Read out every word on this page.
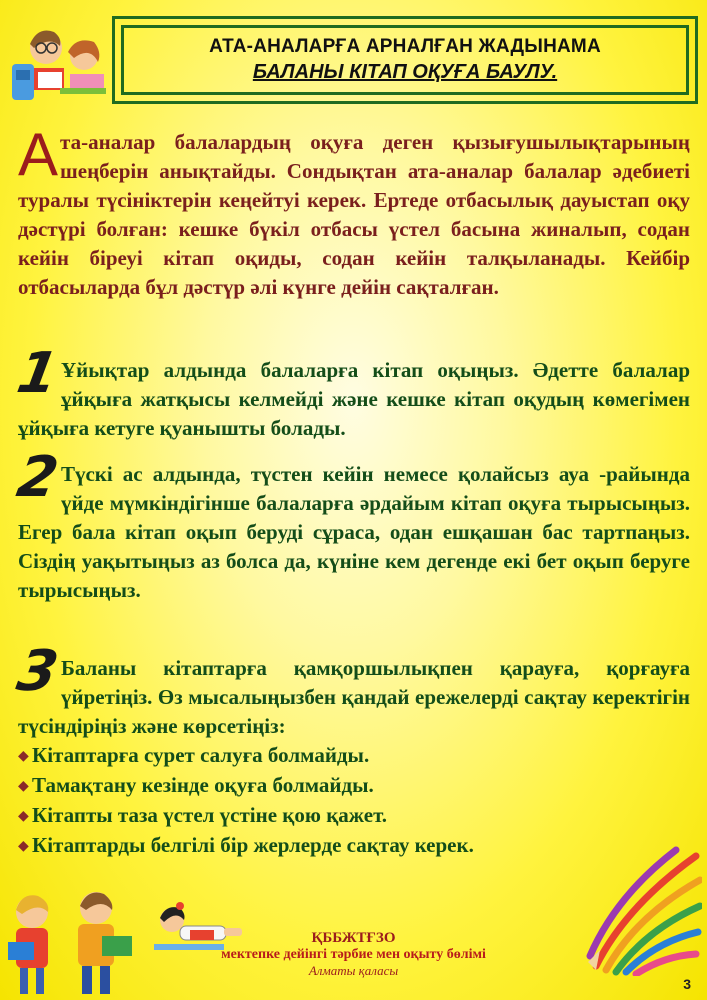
АТА-АНАЛАРҒА АРНАЛҒАН ЖАДЫНАМА
БАЛАНЫ КІТАП ОҚУҒА БАУЛУ.
Ата-аналар балалардың оқуға деген қызығушылықтарының шеңберін анықтайды. Сондықтан ата-аналар балалар әдебиеті туралы түсініктерін кеңейтуі керек. Ертеде отбасылық дауыстап оқу дәстүрі болған: кешке бүкіл отбасы үстел басына жиналып, содан кейін біреуі кітап оқиды, содан кейін талқыланады. Кейбір отбасыларда бұл дәстүр әлі күнге дейін сақталған.
1
Ұйықтар алдында балаларға кітап оқыңыз. Әдетте балалар ұйқыға жатқысы келмейді және кешке кітап оқудың көмегімен ұйқыға кетуге қуанышты болады.
2
Түскі ас алдында, түстен кейін немесе қолайсыз ауа -райында үйде мүмкіндігінше балаларға әрдайым кітап оқуға тырысыңыз. Егер бала кітап оқып беруді сұраса, одан ешқашан бас тартпаңыз. Сіздің уақытыңыз аз болса да, күніне кем дегенде екі бет оқып беруге тырысыңыз.
3
Баланы кітаптарға қамқоршылықпен қарауға, қорғауға үйретіңіз. Өз мысалыңызбен қандай ережелерді сақтау керектігін түсіндіріңіз және көрсетіңіз:
◆ Кітаптарға сурет салуға болмайды.
◆ Тамақтану кезінде оқуға болмайды.
◆ Кітапты таза үстел үстіне қою қажет.
◆ Кітаптарды белгілі бір жерлерде сақтау керек.
ҚББЖТҒЗО
мектепке дейінгі тәрбие мен оқыту бөлімі
Алматы қаласы
3
